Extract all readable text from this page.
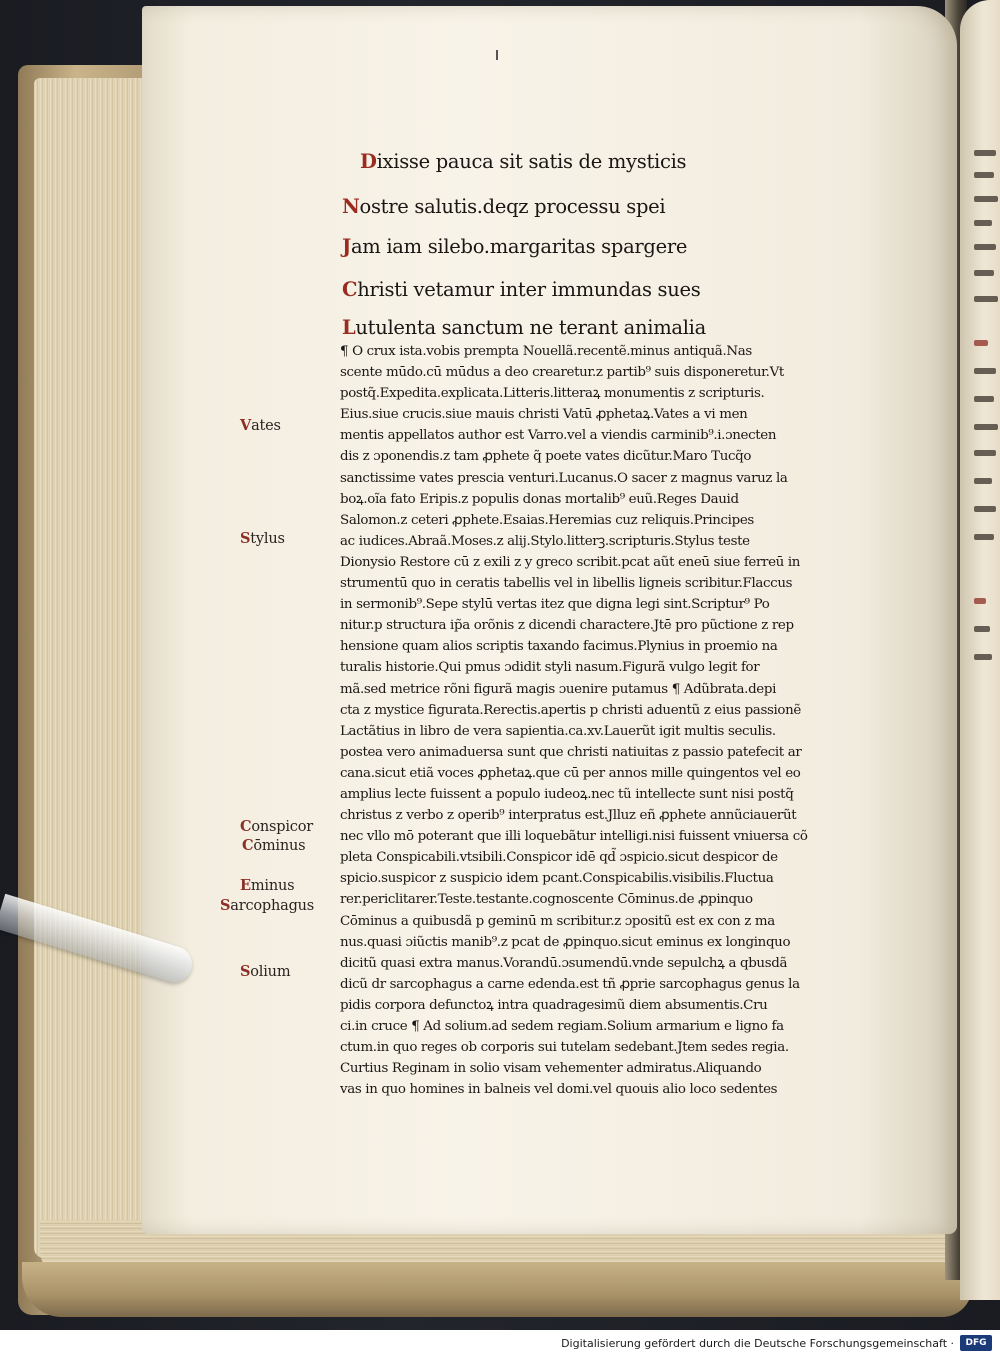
Dixisse pauca sit satis de mysticis
Nostre salutis.deqz processu spei
Jam iam silebo.margaritas spargere
Christi vetamur inter immundas sues
Lutulenta sanctum ne terant animalia
¶ O crux ista.vobis prempta Nouellã.recentẽ.minus antiquã.Nas
scente mūdo.cū mūdus a deo crearetur.z partib⁹ suis disponeretur.Vt
postq̃.Expedita.explicata.Litteris.litteraꝝ monumentis z scripturis.
Eius.siue crucis.siue mauis christi Vatū ꝓphetaꝝ.Vates a vi men
mentis appellatos author est Varro.vel a viendis carminib⁹.i.ɔnecten
dis z ɔponendis.z tam ꝓphete q̃ poete vates dicũtur.Maro Tucq̃o
sanctissime vates prescia venturi.Lucanus.O sacer z magnus varuz la
boꝝ.oĩa fato Eripis.z populis donas mortalib⁹ euũ.Reges Dauid
Salomon.z ceteri ꝓphete.Esaias.Heremias cuz reliquis.Principes
ac iudices.Abraã.Moses.z alij.Stylo.litterꝫ.scripturis.Stylus teste
Dionysio Restore cū z exili z y greco scribit.pcat aũt eneū siue ferreū in
strumentū quo in ceratis tabellis vel in libellis ligneis scribitur.Flaccus
in sermonib⁹.Sepe stylū vertas itez que digna legi sint.Scriptur⁹ Po
nitur.p structura ip̃a orõnis z dicendi charactere.Jtē pro pũctione z rep
hensione quam alios scriptis taxando facimus.Plynius in proemio na
turalis historie.Qui pmus ɔdidit styli nasum.Figurã vulgo legit for
mã.sed metrice rõni figurã magis ɔuenire putamus ¶ Adũbrata.depi
cta z mystice figurata.Rerectis.apertis p christi aduentũ z eius passionẽ
Lactãtius in libro de vera sapientia.ca.xv.Lauerũt igit multis seculis.
postea vero animaduersa sunt que christi natiuitas z passio patefecit ar
cana.sicut etiã voces ꝓphetaꝝ.que cū per annos mille quingentos vel eo
amplius lecte fuissent a populo iudeoꝝ.nec tũ intellecte sunt nisi postq̃
christus z verbo z operib⁹ interpratus est.Jlluz eñ ꝓphete annũciauerũt
nec vllo mō poterant que illi loquebãtur intelligi.nisi fuissent vniuersa cõ
pleta Conspicabili.vtsibili.Conspicor idē qd̃ ɔspicio.sicut despicor de
spicio.suspicor z suspicio idem pcant.Conspicabilis.visibilis.Fluctua
rer.periclitarer.Teste.testante.cognoscente Cōminus.de ꝓpinquo
Cōminus a quibusdã p geminū m scribitur.z ɔpositũ est ex con z ma
nus.quasi ɔiũctis manib⁹.z pcat de ꝓpinquo.sicut eminus ex longinquo
dicitũ quasi extra manus.Vorandū.ɔsumendū.vnde sepulchꝝ a qbusdã
dicũ dr sarcophagus a carne edenda.est tñ ꝓprie sarcophagus genus la
pidis corpora defunctoꝝ intra quadragesimũ diem absumentis.Cru
ci.in cruce ¶ Ad solium.ad sedem regiam.Solium armarium e ligno fa
ctum.in quo reges ob corporis sui tutelam sedebant.Jtem sedes regia.
Curtius Reginam in solio visam vehementer admiratus.Aliquando
vas in quo homines in balneis vel domi.vel quouis alio loco sedentes
Vates
Stylus
Conspicor
Cōminus
Eminus
Sarcophagus
Solium
Digitalisierung gefördert durch die Deutsche Forschungsgemeinschaft ·	DFG
